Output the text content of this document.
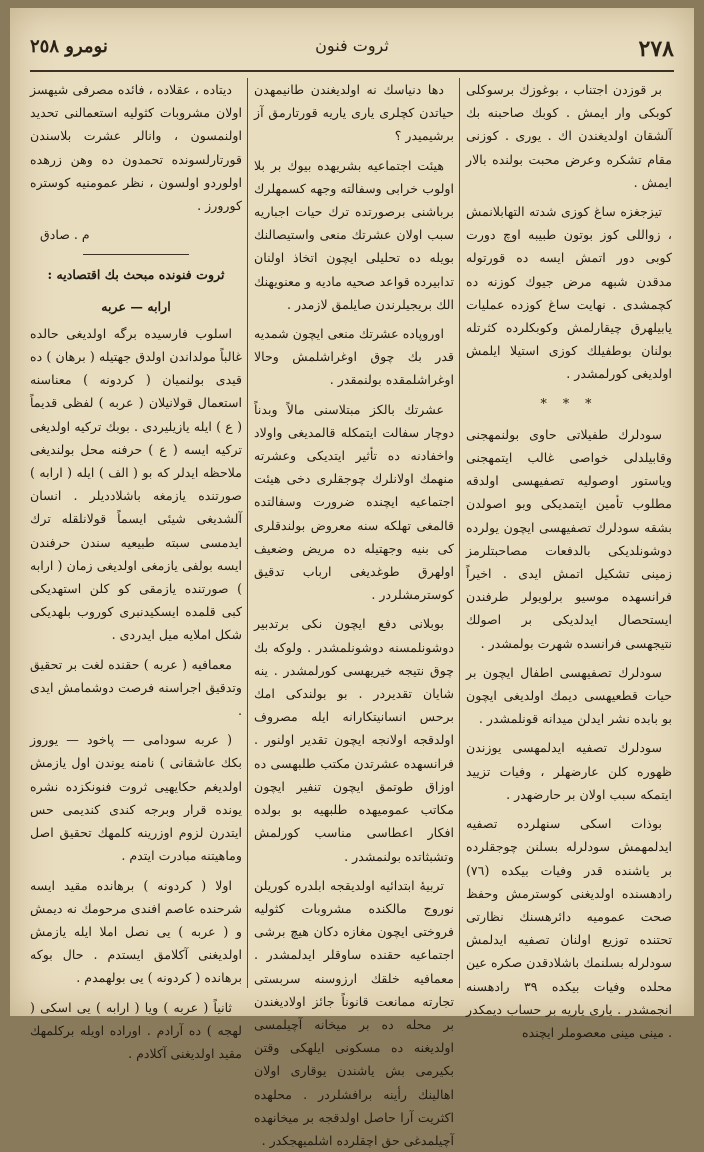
٢٧٨
ثروت فنون
نومرو ٢٥٨

بر قوزدن اجتناب ، بوغوزك برسوكلى كوبكى وار ايمش . كوبك صاحبنه بك آلشقان اولديغندن اك . يورى . كوزنى مقام تشكره وعرض محبت بولنده بالار ايمش .

تيزجغزه ساغ كوزى شدته التهابلانمش ، زواللى كوز بوتون طبيبه اوچ دورت كوبى دور اتمش ايسه ده قورتوله مدقدن شبهه مرض جيوك كوزنه ده كچمشدى . نهايت ساغ كوزده عمليات يابيلهرق چيقارلمش وكوبكلرده كثرتله بولنان بوطفيلك كوزى استيلا ايلمش اولديغى كورلمشدر .

* * *

سودلرك طفيلاتى حاوى بولنمهجنى وقابيلدلى خواصى غالب ايتمهجنى وياستور اوصوليه تصفيهسى اولدقه مطلوب تأمين ايتمديكى وبو اصولدن بشقه سودلرك تصفيهسى ايچون يولرده دوشونلديكى بالدفعات مصاحبتلرمز زمينى تشكيل اتمش ايدى . اخيراً فرانسهده موسيو برلويولر طرفندن ايستحصال ايدلديكى بر اصولك نتيجهسى فرانسده شهرت بولمشدر .

سودلرك تصفيهسى اطفال ايچون بر حيات قطعيهسى ديمك اولديغى ايچون بو بابده نشر ايدلن ميدانه قونلمشدر .

سودلرك تصفيه ايدلمهسى يوزندن ظهوره كلن عارضهلر ، وفيات تزييد ايتمكه سبب اولان بر حارضهدر .

بوذات اسكى سنهلرده تصفيه ايدلمهمش سودلرله بسلنن چوجقلرده بر ياشنده قدر وفيات بيكده (٧٦) رادهسنده اولديغنى كوسترمش وحفظ صحت عموميه دائرهسنك نظارتى تحتنده توزيع اولنان تصفيه ايدلمش سودلرله بسلنمك باشلادقدن صكره عين محلده وفيات بيكده ٣٩ رادهسنه انجمشدر . يارى ياريه بر حساب ديمكدر . مينى مينى معصوملر ايچنده

دها دنياسك نه اولديغندن طانيمهدن حياتدن كچلرى يارى ياريه قورتارمق آز برشيميدر ؟

هيئت اجتماعيه بشريهده بيوك بر بلا اولوب خرابى وسفالته وجهه كسمهلرك برباشنى برصورتده ترك حيات اجباريه سبب اولان عشرتك منعى واستيصالنك بويله ده تحليلى ايچون اتخاذ اولنان تدابيرده قواعد صحيه ماديه و معنويهنك الك بريجيلرندن صايلمق لازمدر .

اوروپاده عشرتك منعى ايچون شمديه قدر بك چوق اوغراشلمش وحالا اوغراشلمقده بولنمقدر .

عشرتك بالكز مبتلاسنى مالاً وبدناً دوچار سفالت ايتمكله قالمديغى واولاد واخفادنه ده تأثير ايتديكى وعشرته منهمك اولانلرك چوجقلرى دخى هيئت اجتماعيه ايچنده ضرورت وسفالتده قالمغى تهلكه سنه معروض بولندقلرى كى بنيه وجهتيله ده مريض وضعيف اولهرق طوغديغى ارباب تدقيق كوسترمشلردر .

بوبلانى دفع ايچون نكى برتدبير دوشونلمسنه دوشونلمشدر . ولوكه بك چوق نتيجه خيريهسى كورلمشدر . ينه شايان تقديردر . بو بولندكى امك برحس انسانيتكارانه ايله مصروف اولدقجه اولانجه ايچون تقدير اولنور . فرانسهده عشرتدن مكتب طلبهسى ده اوزاق طوتمق ايچون تنفير ايچون مكاتب عموميهده طلبهيه بو بولده افكار اعطاسى مناسب كورلمش وتشبثاتده بولنمشدر .

تربيهٔ ابتدائيه اولديقجه ابلدره كوريلن نوروج مالكنده مشروبات كثوليه فروختى ايچون مغازه دكان هيچ برشى اجتماعيه حقنده ساوقلر ايدلمشدر . معمافيه خلقك ارزوسنه سربستى تجارته ممانعت قانوناً جائز اولاديغندن بر محله ده بر ميخانه آچيلمسى اولديغنه ده مسكونى ايلهكى وقتن بكيرمى بش ياشندن يوقارى اولان اهالينك رأينه برافشلردر . محلهده اكثريت آرا حاصل اولدقجه بر ميخانهده آچيلمدغى حق اچقلرده اشلميهجكدر .

ديتاده ، عقلاده ، فائده مصرفى شيهسز اولان مشروبات كثوليه استعمالنى تحديد اولنمسون ، وانالر عشرت بلاسندن قورتارلسونده تحمدون ده وهن زرهده اولوردو اولسون ، نظر عمومنيه كوستره كورورز .

م . صادق

ثروت فنونده مبحث بك اقتصاديه :

ارابه — عربه

اسلوب فارسيده برگه اولديغى حالده غالباً مولداندن اولدق جهتيله ( برهان ) ده قيدى بولنميان ( كردونه ) معناسنه استعمال قولانيلان ( عربه ) لفظى قديماً ( ع ) ايله يازيليردى . بوبك تركيه اولديغى تركيه ايسه ( ع ) حرفنه محل بولنديغى ملاحظه ايدلر كه بو ( الف ) ايله ( ارابه ) صورتنده يازمغه باشلادديلر . انسان آلشديغى شيئى ايسماً قولانلقله ترك ايدمسى سبته طبيعيه سندن حرفندن ايسه بولفى يازمغى اولديغى زمان ( ارابه ) صورتنده يازمقى كو كلن استهديكى كبى قلمده ايسكيدنبرى كوروب بلهديكى شكل املايه ميل ايدردى .

معمافيه ( عربه ) حقنده لغت بر تحقيق وتدقيق اجراسنه فرصت دوشمامش ايدى .

( عربه سودامى — پاخود — يوروز بكك عاشقانى ) نامنه يوندن اول يازمش اولديغم حكايهيى ثروت فنونكزده نشره يونده قرار وبرجه كندى كنديمى حس ايتدرن لزوم اوزرينه كلمهك تحقيق اصل وماهيتنه مبادرت ايتدم .

اولا ( كردونه ) برهانده مقيد ايسه شرحنده عاصم افندى مرحومك نه ديمش و ( عربه ) يى نصل املا ايله يازمش اولديغنى آكلامق ايستدم . حال بوكه برهانده ( كردونه ) يى بولهمدم .

ثانياً ( عربه ) ويا ( ارابه ) يى اسكى ( لهجه ) ده آرادم . اوراده اويله بركلمهك مقيد اولديغنى آكلادم .
